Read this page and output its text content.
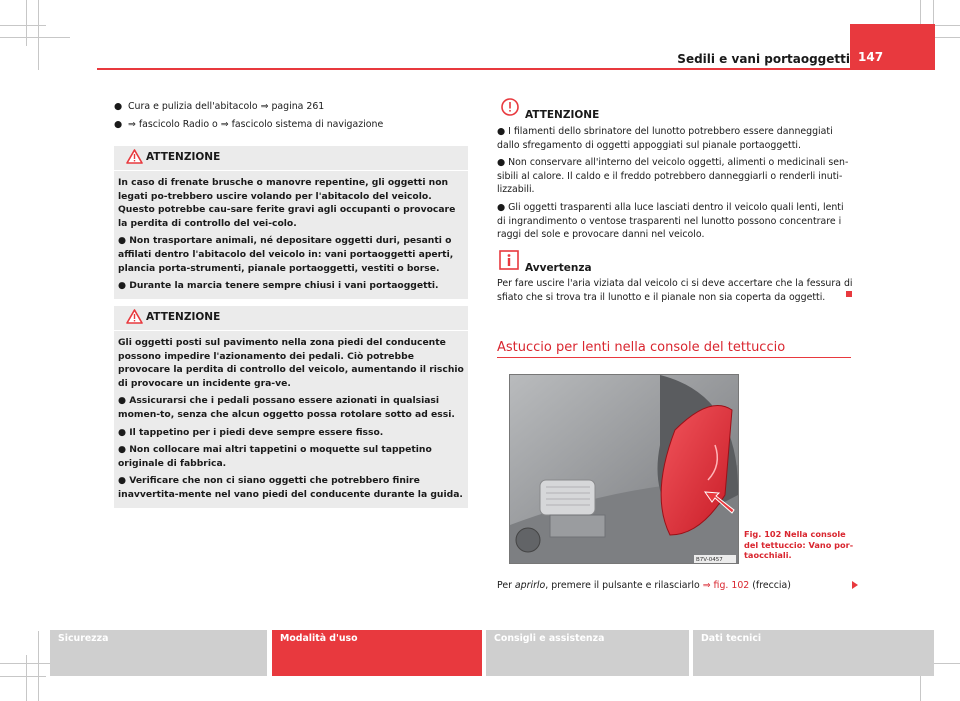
Sedili e vani portaoggetti 147
● Cura e pulizia dell'abitacolo ⇒ pagina 261
● ⇒ fascicolo Radio o ⇒ fascicolo sistema di navigazione
ATTENZIONE

In caso di frenate brusche o manovre repentine, gli oggetti non legati po-trebbero uscire volando per l'abitacolo del veicolo. Questo potrebbe cau-sare ferite gravi agli occupanti o provocare la perdita di controllo del vei-colo.

● Non trasportare animali, né depositare oggetti duri, pesanti o affilati dentro l'abitacolo del veicolo in: vani portaoggetti aperti, plancia porta-strumenti, pianale portaoggetti, vestiti o borse.

● Durante la marcia tenere sempre chiusi i vani portaoggetti.

ATTENZIONE

Gli oggetti posti sul pavimento nella zona piedi del conducente possono impedire l'azionamento dei pedali. Ciò potrebbe provocare la perdita di controllo del veicolo, aumentando il rischio di provocare un incidente gra-ve.

● Assicurarsi che i pedali possano essere azionati in qualsiasi momen-to, senza che alcun oggetto possa rotolare sotto ad essi.

● Il tappetino per i piedi deve sempre essere fisso.

● Non collocare mai altri tappetini o moquette sul tappetino originale di fabbrica.

● Verificare che non ci siano oggetti che potrebbero finire inavvertita-mente nel vano piedi del conducente durante la guida.

ATTENZIONE

● I filamenti dello sbrinatore del lunotto potrebbero essere danneggiati dallo sfregamento di oggetti appoggiati sul pianale portaoggetti.

● Non conservare all'interno del veicolo oggetti, alimenti o medicinali sen-sibili al calore. Il caldo e il freddo potrebbero danneggiarli o renderli inuti-lizzabili.

● Gli oggetti trasparenti alla luce lasciati dentro il veicolo quali lenti, lenti di ingrandimento o ventose trasparenti nel lunotto possono concentrare i raggi del sole e provocare danni nel veicolo.

Avvertenza
Per fare uscire l'aria viziata dal veicolo ci si deve accertare che la fessura di sfiato che si trova tra il lunotto e il pianale non sia coperta da oggetti.
Astuccio per lenti nella console del tettuccio
B7V-0457
Fig. 102 Nella console del tettuccio: Vano por-taocchiali.
Per aprirlo, premere il pulsante e rilasciarlo ⇒ fig. 102 (freccia)
Sicurezza	Modalità d'uso	Consigli e assistenza	Dati tecnici
